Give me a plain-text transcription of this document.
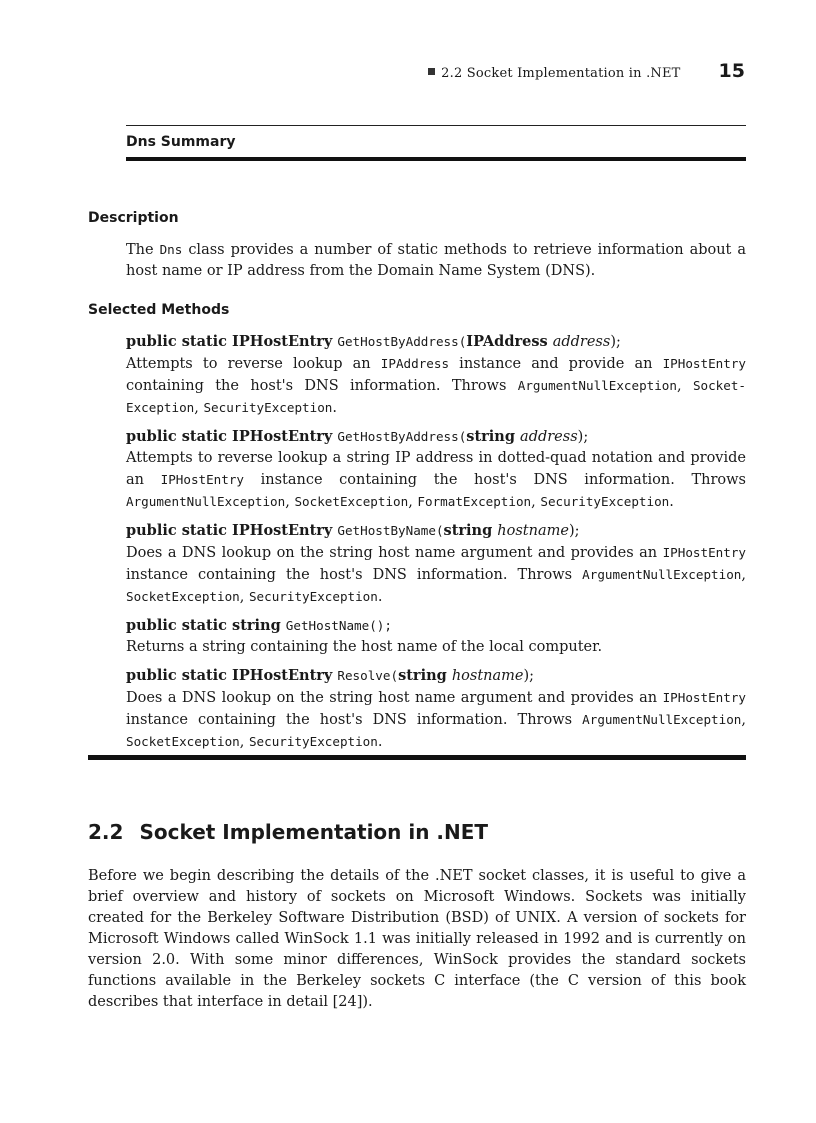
2.2 Socket Implementation in .NET 15
Dns Summary
Description
The Dns class provides a number of static methods to retrieve information about a host name or IP address from the Domain Name System (DNS).
Selected Methods
public static IPHostEntry GetHostByAddress(IPAddress address);
Attempts to reverse lookup an IPAddress instance and provide an IPHostEntry containing the host's DNS information. Throws ArgumentNullException, Socket-Exception, SecurityException.
public static IPHostEntry GetHostByAddress(string address);
Attempts to reverse lookup a string IP address in dotted-quad notation and provide an IPHostEntry instance containing the host's DNS information. Throws ArgumentNullException, SocketException, FormatException, SecurityException.
public static IPHostEntry GetHostByName(string hostname);
Does a DNS lookup on the string host name argument and provides an IPHostEntry instance containing the host's DNS information. Throws ArgumentNullException, SocketException, SecurityException.
public static string GetHostName();
Returns a string containing the host name of the local computer.
public static IPHostEntry Resolve(string hostname);
Does a DNS lookup on the string host name argument and provides an IPHostEntry instance containing the host's DNS information. Throws ArgumentNullException, SocketException, SecurityException.
2.2 Socket Implementation in .NET
Before we begin describing the details of the .NET socket classes, it is useful to give a brief overview and history of sockets on Microsoft Windows. Sockets was initially created for the Berkeley Software Distribution (BSD) of UNIX. A version of sockets for Microsoft Windows called WinSock 1.1 was initially released in 1992 and is currently on version 2.0. With some minor differences, WinSock provides the standard sockets functions available in the Berkeley sockets C interface (the C version of this book describes that interface in detail [24]).
